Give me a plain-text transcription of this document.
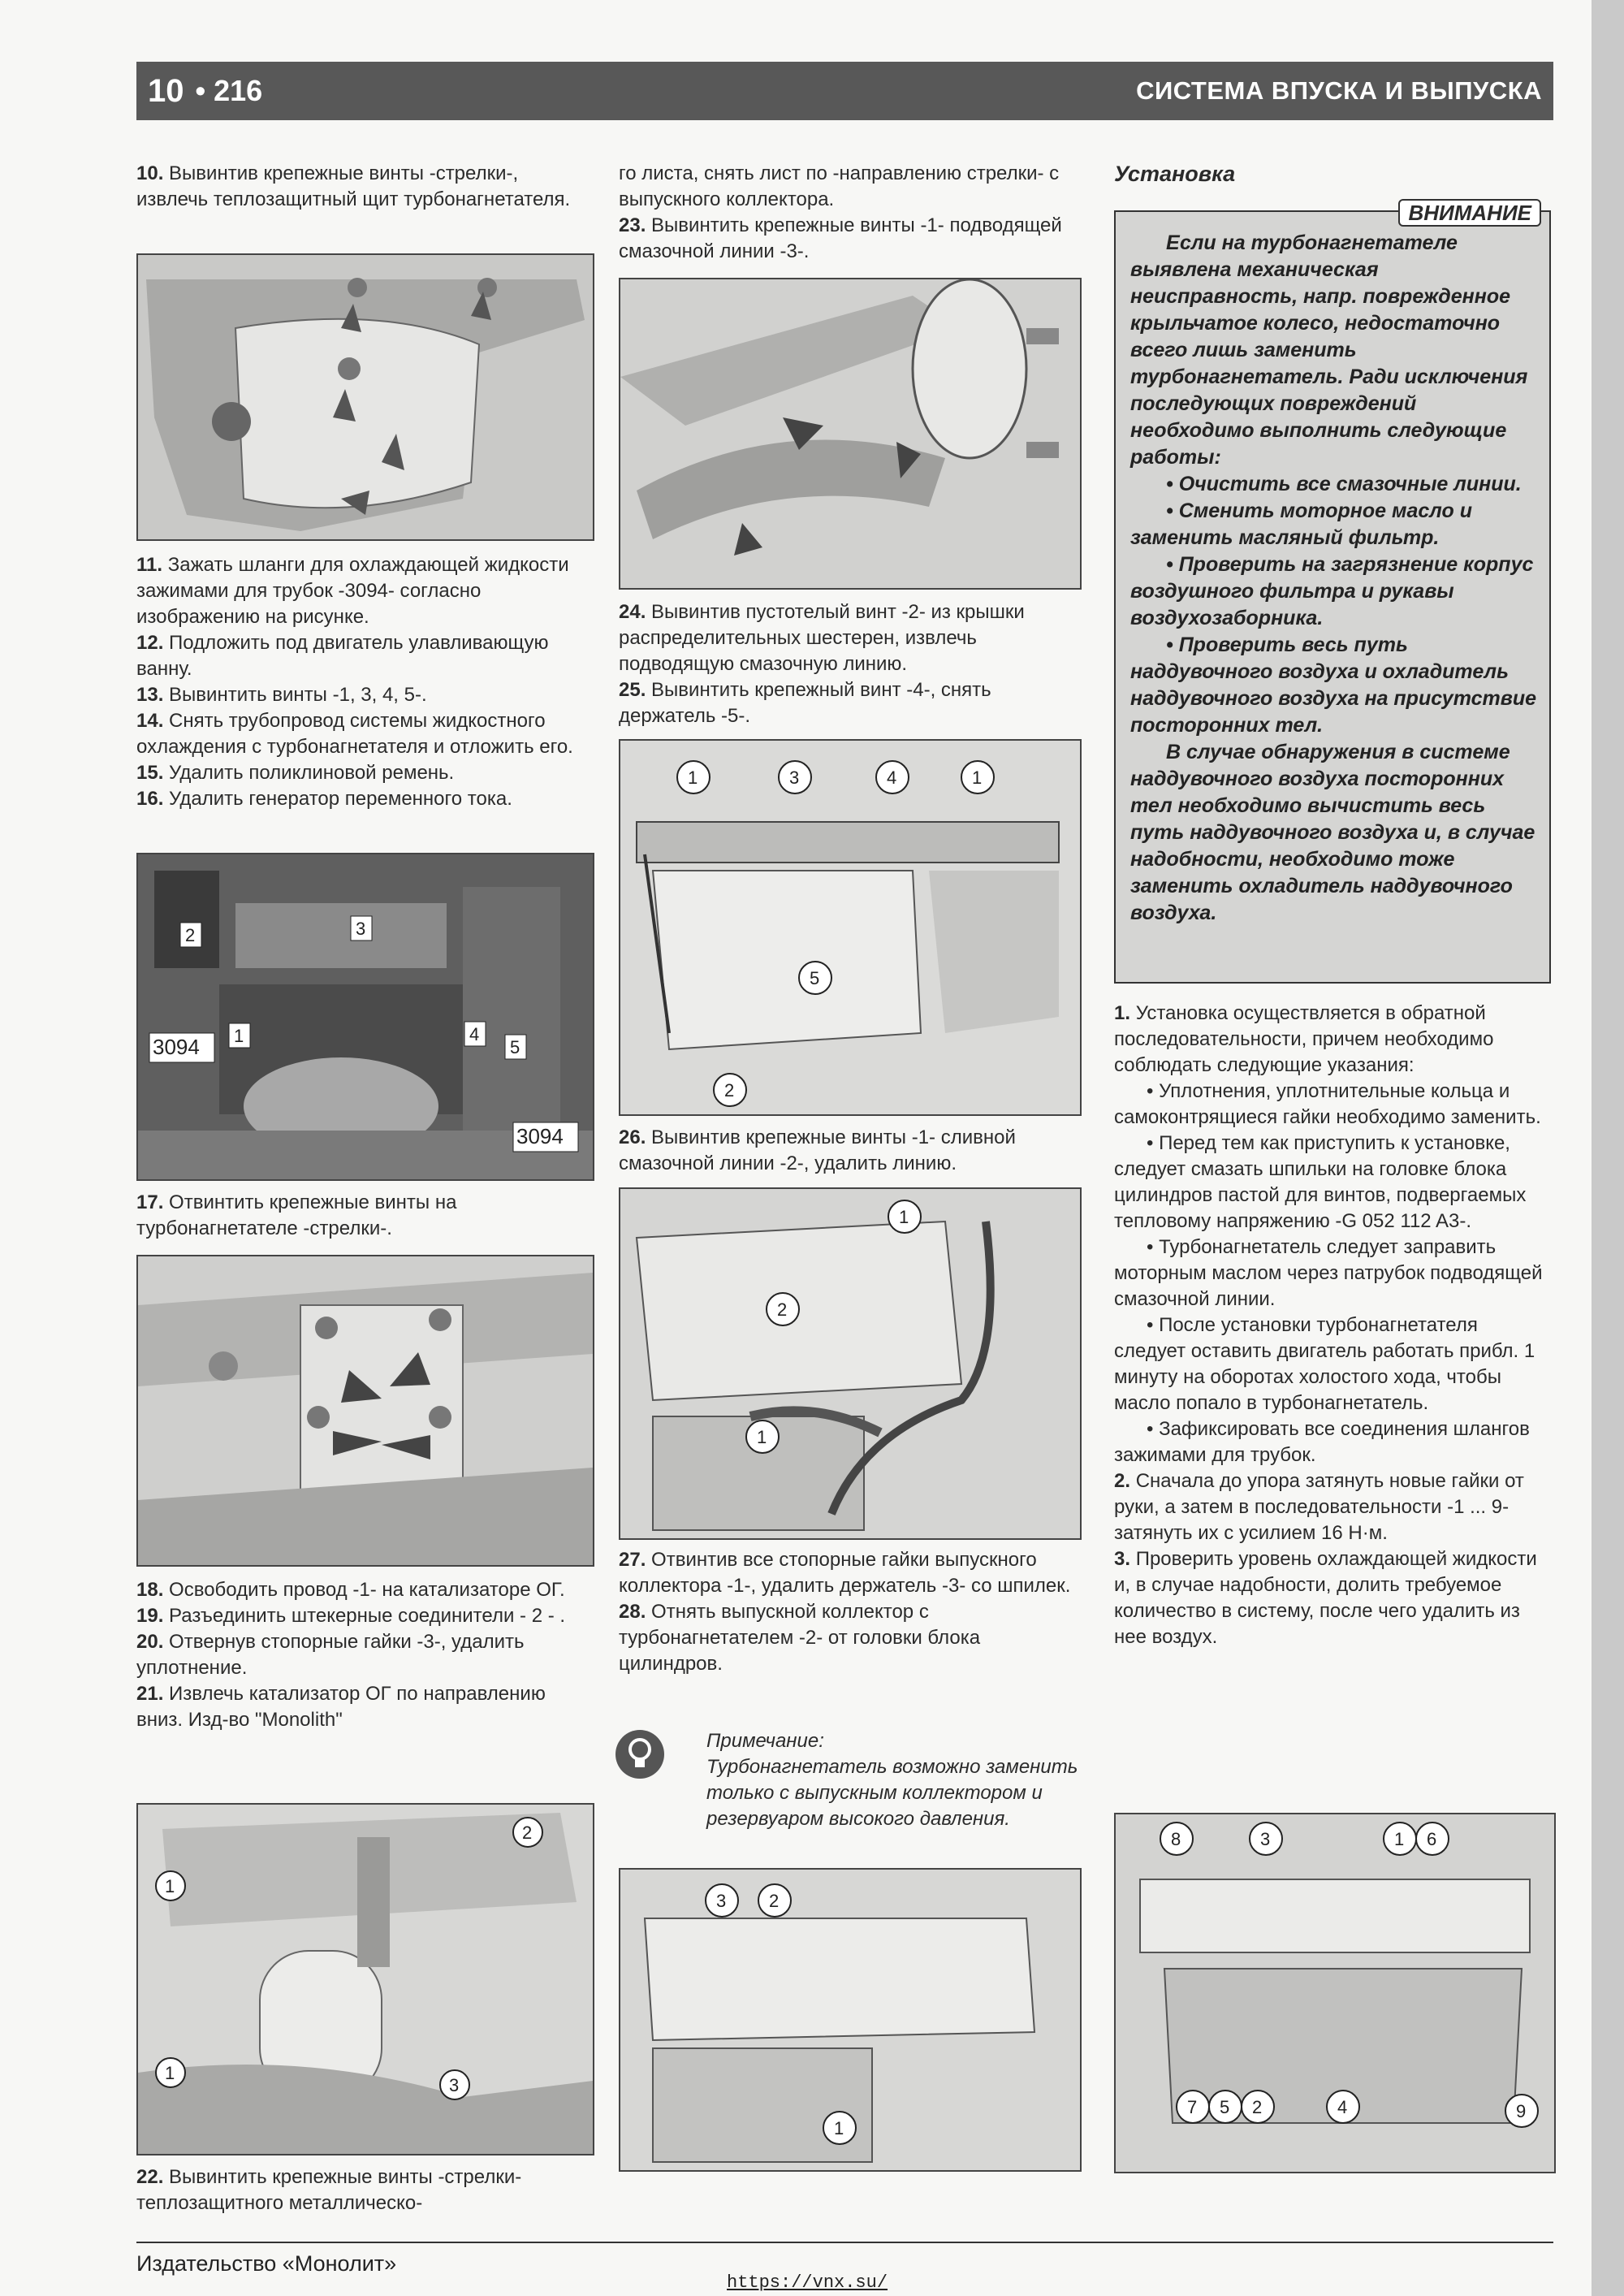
10 • 216	СИСТЕМА ВПУСКА И ВЫПУСКА

10. Вывинтив крепежные винты -стрелки-, извлечь теплозащитный щит турбонагнетателя.

11. Зажать шланги для охлаждающей жидкости зажимами для трубок -3094- согласно изображению на рисунке.

12. Подложить под двигатель улавливающую ванну.

13. Вывинтить винты -1, 3, 4, 5-.

14. Снять трубопровод системы жидкостного охлаждения с турбонагнетателя и отложить его.

15. Удалить поликлиновой ремень.

16. Удалить генератор переменного тока.

3094
3094
1
2	3
4
5

17. Отвинтить крепежные винты на турбонагнетателе -стрелки-.

18. Освободить провод -1- на катализаторе ОГ.

19. Разъединить штекерные соединители - 2 - .

20. Отвернув стопорные гайки -3-, удалить уплотнение.

21. Извлечь катализатор ОГ по направлению вниз. Изд-во "Monolith"

2
1
1
3

22. Вывинтить крепежные винты -стрелки- теплозащитного металлическо-

го листа, снять лист по -направлению стрелки- с выпускного коллектора.

23. Вывинтить крепежные винты -1- подводящей смазочной линии -3-.

24. Вывинтив пустотелый винт -2- из крышки распределительных шестерен, извлечь подводящую смазочную линию.

25. Вывинтить крепежный винт -4-, снять держатель -5-.

1	3	4	1
5
2

26. Вывинтив крепежные винты -1- сливной смазочной линии -2-, удалить линию.

1
2
1

27. Отвинтив все стопорные гайки выпускного коллектора -1-, удалить держатель -3- со шпилек.

28. Отнять выпускной коллектор с турбонагнетателем -2- от головки блока цилиндров.

Примечание:

Турбонагнетатель возможно заменить только с выпускным коллектором и резервуаром высокого давления.

3 2
1

Установка

ВНИМАНИЕ

Если на турбонагнетателе выявлена механическая неисправность, напр. поврежденное крыльчатое колесо, недостаточно всего лишь заменить турбонагнетатель. Ради исключения последующих повреждений необходимо выполнить следующие работы:

• Очистить все смазочные линии.

• Сменить моторное масло и заменить масляный фильтр.

• Проверить на загрязнение корпус воздушного фильтра и рукавы воздухозаборника.

• Проверить весь путь наддувочного воздуха и охладитель наддувочного воздуха на присутствие посторонних тел.

В случае обнаружения в системе наддувочного воздуха посторонних тел необходимо вычистить весь путь наддувочного воздуха и, в случае надобности, необходимо тоже заменить охладитель наддувочного воздуха.

1. Установка осуществляется в обратной последовательности, причем необходимо соблюдать следующие указания:

• Уплотнения, уплотнительные кольца и самоконтрящиеся гайки необходимо заменить.

• Перед тем как приступить к установке, следует смазать шпильки на головке блока цилиндров пастой для винтов, подвергаемых тепловому напряжению -G 052 112 A3-.

• Турбонагнетатель следует заправить моторным маслом через патрубок подводящей смазочной линии.

• После установки турбонагнетателя следует оставить двигатель работать прибл. 1 минуту на оборотах холостого хода, чтобы масло попало в турбонагнетатель.

• Зафиксировать все соединения шлангов зажимами для трубок.

2. Сначала до упора затянуть новые гайки от руки, а затем в последовательности -1 ... 9- затянуть их с усилием 16 Н·м.

3. Проверить уровень охлаждающей жидкости и, в случае надобности, долить требуемое количество в систему, после чего удалить из нее воздух.

8	3	1 6
7 5 2	4	9
Издательство «Монолит»
https://vnx.su/
